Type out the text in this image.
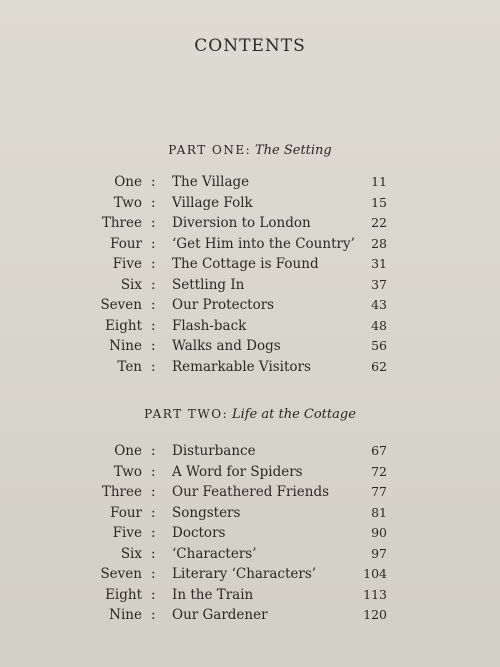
CONTENTS
PART ONE: The Setting
One : The Village	11
Two : Village Folk	15
Three : Diversion to London	22
Four : ‘Get Him into the Country’ 28
Five : The Cottage is Found	31
Six : Settling In	37
Seven : Our Protectors	43
Eight : Flash-back	48
Nine : Walks and Dogs	56
Ten : Remarkable Visitors	62
PART TWO: Life at the Cottage
One : Disturbance	67
Two : A Word for Spiders	72
Three : Our Feathered Friends	77
Four : Songsters	81
Five : Doctors	90
Six : ‘Characters’	97
Seven : Literary ‘Characters’	104
Eight : In the Train	113
Nine : Our Gardener	120
